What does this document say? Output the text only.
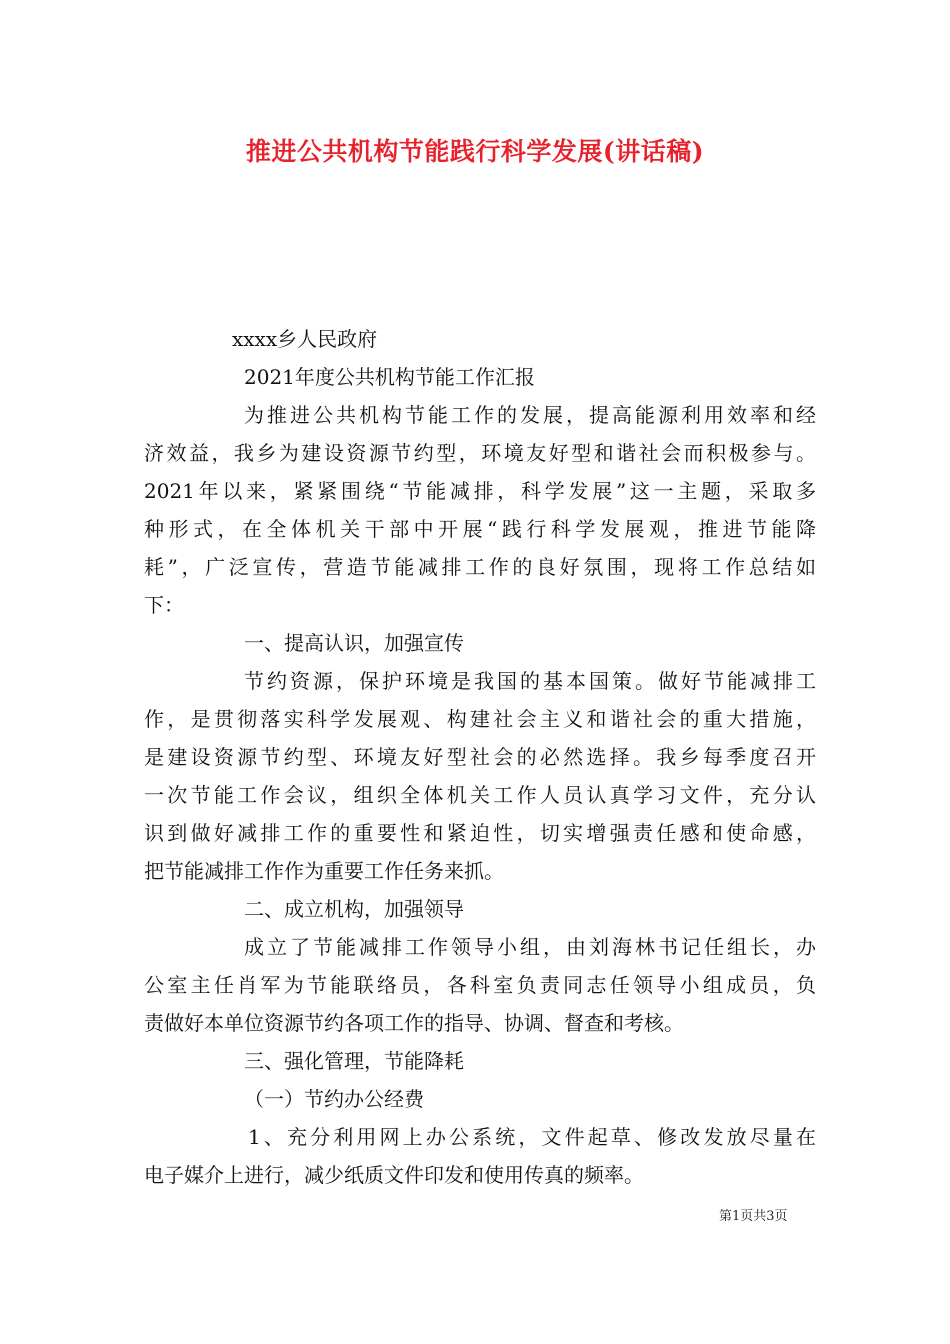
推进公共机构节能践行科学发展(讲话稿)
xxxx乡人民政府
2021年度公共机构节能工作汇报
为推进公共机构节能工作的发展，提高能源利用效率和经
济效益，我乡为建设资源节约型，环境友好型和谐社会而积极参与。
2021年以来，紧紧围绕“节能减排，科学发展”这一主题，采取多
种形式，在全体机关干部中开展“践行科学发展观，推进节能降
耗”，广泛宣传，营造节能减排工作的良好氛围，现将工作总结如
下：
一、提高认识，加强宣传
节约资源，保护环境是我国的基本国策。做好节能减排工
作，是贯彻落实科学发展观、构建社会主义和谐社会的重大措施，
是建设资源节约型、环境友好型社会的必然选择。我乡每季度召开
一次节能工作会议，组织全体机关工作人员认真学习文件，充分认
识到做好减排工作的重要性和紧迫性，切实增强责任感和使命感，
把节能减排工作作为重要工作任务来抓。
二、成立机构，加强领导
成立了节能减排工作领导小组，由刘海林书记任组长，办
公室主任肖军为节能联络员，各科室负责同志任领导小组成员，负
责做好本单位资源节约各项工作的指导、协调、督查和考核。
三、强化管理，节能降耗
（一）节约办公经费
1、充分利用网上办公系统，文件起草、修改发放尽量在
电子媒介上进行，减少纸质文件印发和使用传真的频率。
第1页共3页
